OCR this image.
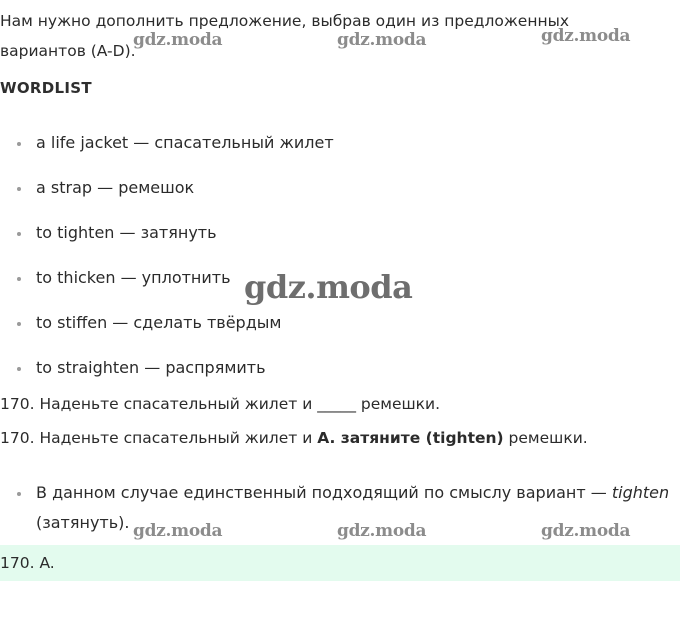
Нам нужно дополнить предложение, выбрав один из предложенных вариантов (A-D).
WORDLIST
a life jacket — спасательный жилет
a strap — ремешок
to tighten — затянуть
to thicken — уплотнить
to stiffen — сделать твёрдым
to straighten — распрямить
170. Наденьте спасательный жилет и _____ ремешки.
170. Наденьте спасательный жилет и A. затяните (tighten) ремешки.
В данном случае единственный подходящий по смыслу вариант — tighten (затянуть).
170. A.
gdz.moda	gdz.moda	gdz.moda
gdz.moda
gdz.moda	gdz.moda	gdz.moda
